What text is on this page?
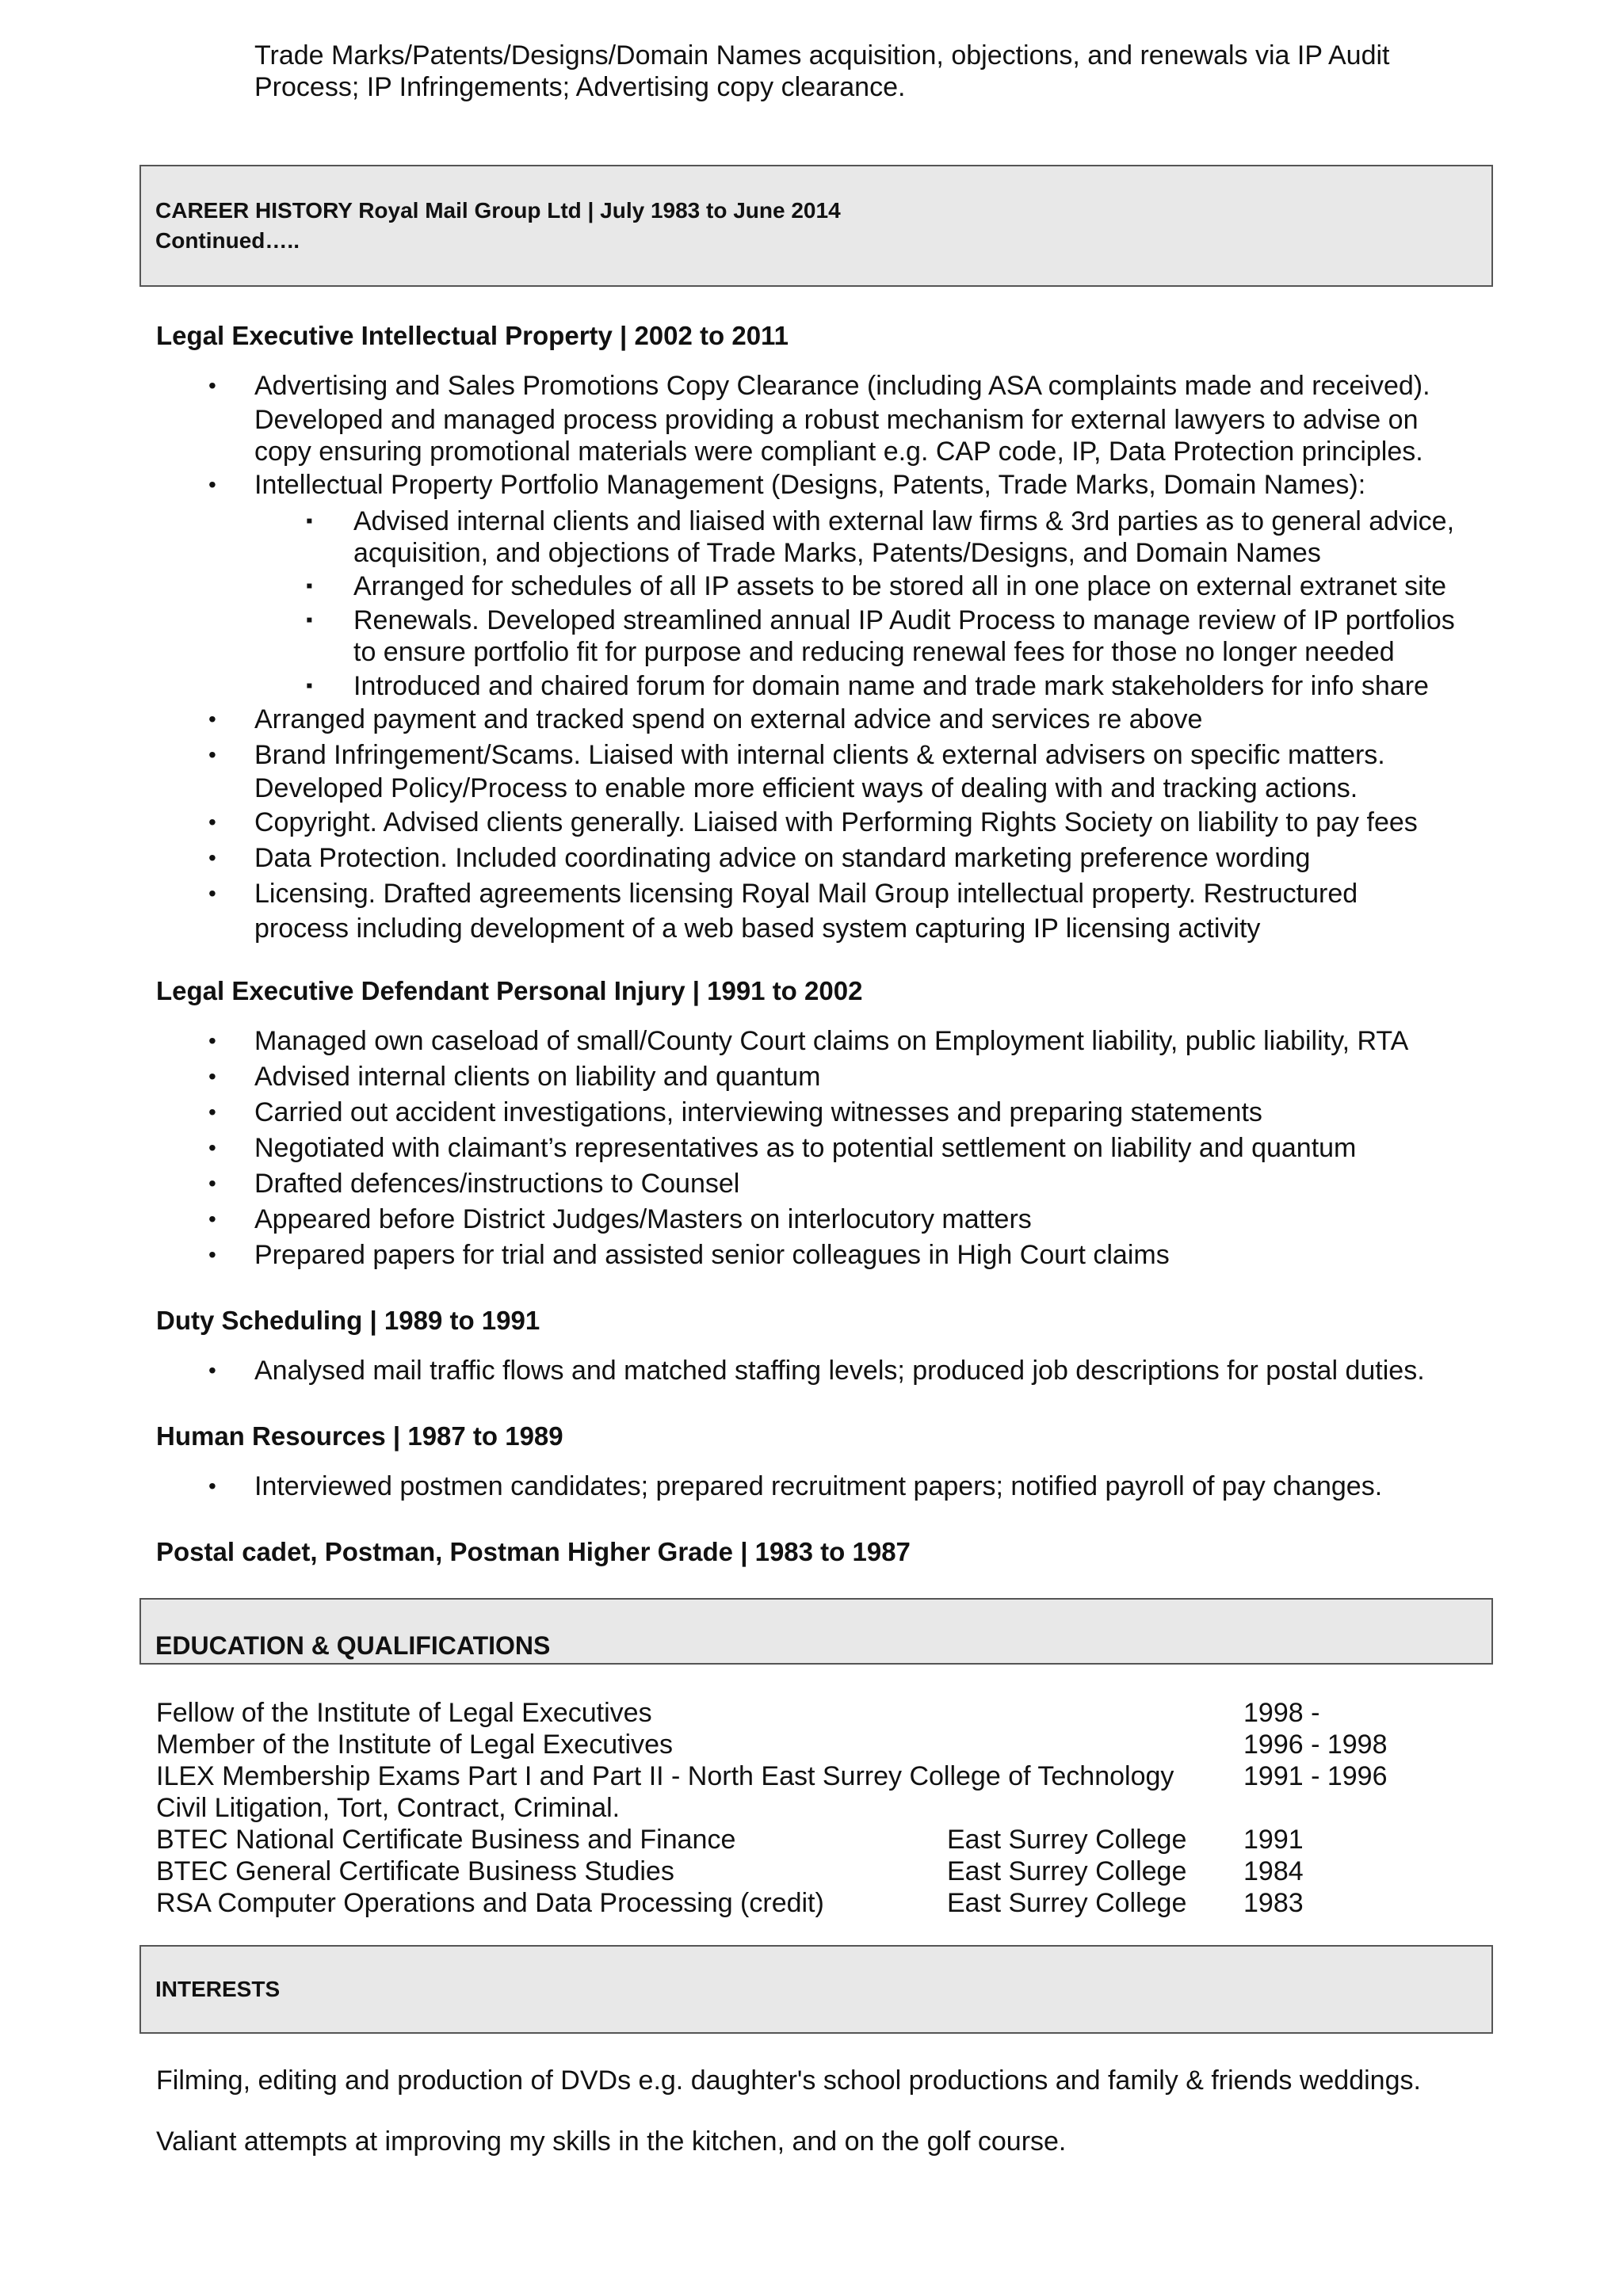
Trade Marks/Patents/Designs/Domain Names acquisition, objections, and renewals via IP Audit
Process; IP Infringements; Advertising copy clearance.
CAREER HISTORY Royal Mail Group Ltd | July 1983 to June 2014
Continued…..
Legal Executive Intellectual Property | 2002 to 2011
• Advertising and Sales Promotions Copy Clearance (including ASA complaints made and received).
Developed and managed process providing a robust mechanism for external lawyers to advise on
copy ensuring promotional materials were compliant e.g. CAP code, IP, Data Protection principles.
• Intellectual Property Portfolio Management (Designs, Patents, Trade Marks, Domain Names):
▪ Advised internal clients and liaised with external law firms & 3rd parties as to general advice,
acquisition, and objections of Trade Marks, Patents/Designs, and Domain Names
▪ Arranged for schedules of all IP assets to be stored all in one place on external extranet site
▪ Renewals. Developed streamlined annual IP Audit Process to manage review of IP portfolios
to ensure portfolio fit for purpose and reducing renewal fees for those no longer needed
▪ Introduced and chaired forum for domain name and trade mark stakeholders for info share
• Arranged payment and tracked spend on external advice and services re above
• Brand Infringement/Scams. Liaised with internal clients & external advisers on specific matters.
Developed Policy/Process to enable more efficient ways of dealing with and tracking actions.
• Copyright. Advised clients generally. Liaised with Performing Rights Society on liability to pay fees
• Data Protection. Included coordinating advice on standard marketing preference wording
• Licensing. Drafted agreements licensing Royal Mail Group intellectual property. Restructured
process including development of a web based system capturing IP licensing activity
Legal Executive Defendant Personal Injury | 1991 to 2002
• Managed own caseload of small/County Court claims on Employment liability, public liability, RTA
• Advised internal clients on liability and quantum
• Carried out accident investigations, interviewing witnesses and preparing statements
• Negotiated with claimant’s representatives as to potential settlement on liability and quantum
• Drafted defences/instructions to Counsel
• Appeared before District Judges/Masters on interlocutory matters
• Prepared papers for trial and assisted senior colleagues in High Court claims
Duty Scheduling | 1989 to 1991
• Analysed mail traffic flows and matched staffing levels; produced job descriptions for postal duties.
Human Resources | 1987 to 1989
• Interviewed postmen candidates; prepared recruitment papers; notified payroll of pay changes.
Postal cadet, Postman, Postman Higher Grade | 1983 to 1987
EDUCATION & QUALIFICATIONS
Fellow of the Institute of Legal Executives	1998 -
Member of the Institute of Legal Executives	1996 - 1998
ILEX Membership Exams Part I and Part II - North East Surrey College of Technology	1991 - 1996
Civil Litigation, Tort, Contract, Criminal.
BTEC National Certificate Business and Finance	East Surrey College 1991
BTEC General Certificate Business Studies	East Surrey College 1984
RSA Computer Operations and Data Processing (credit)	East Surrey College 1983
INTERESTS
Filming, editing and production of DVDs e.g. daughter's school productions and family & friends weddings.
Valiant attempts at improving my skills in the kitchen, and on the golf course.
